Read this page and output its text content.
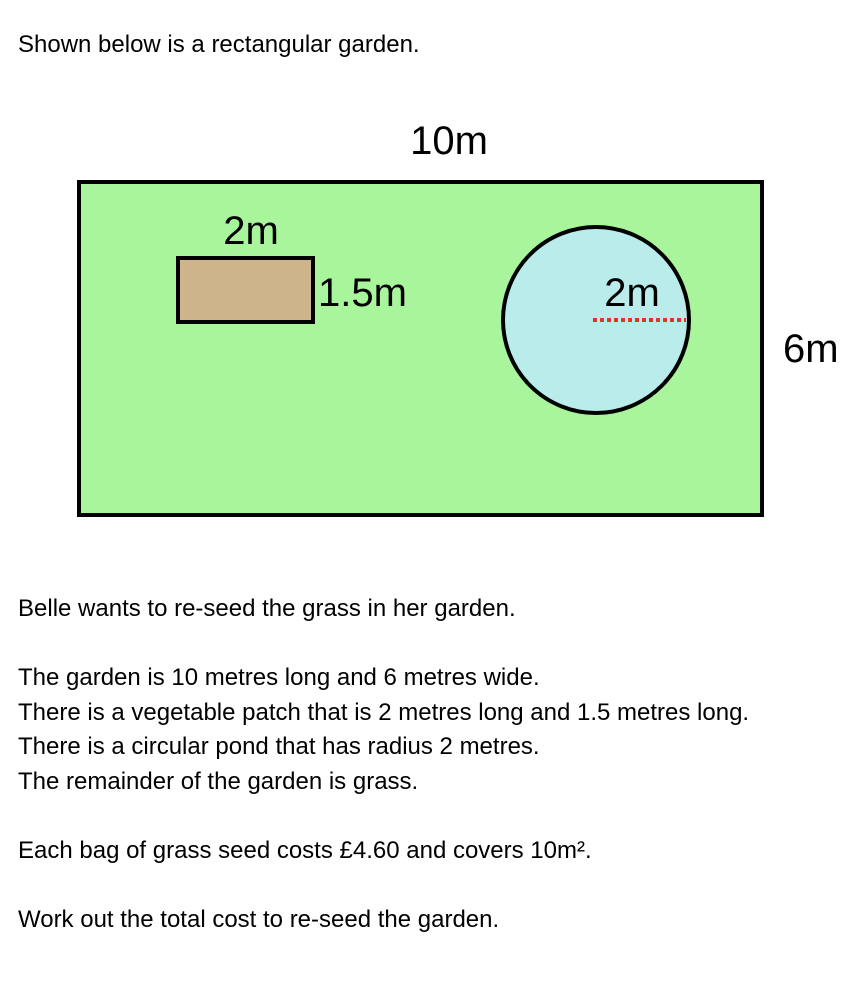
Shown below is a rectangular garden.

10m
6m
2m
1.5m	2m

Belle wants to re-seed the grass in her garden.

The garden is 10 metres long and 6 metres wide.

There is a vegetable patch that is 2 metres long and 1.5 metres long.

There is a circular pond that has radius 2 metres.

The remainder of the garden is grass.

Each bag of grass seed costs £4.60 and covers 10m².

Work out the total cost to re-seed the garden.
